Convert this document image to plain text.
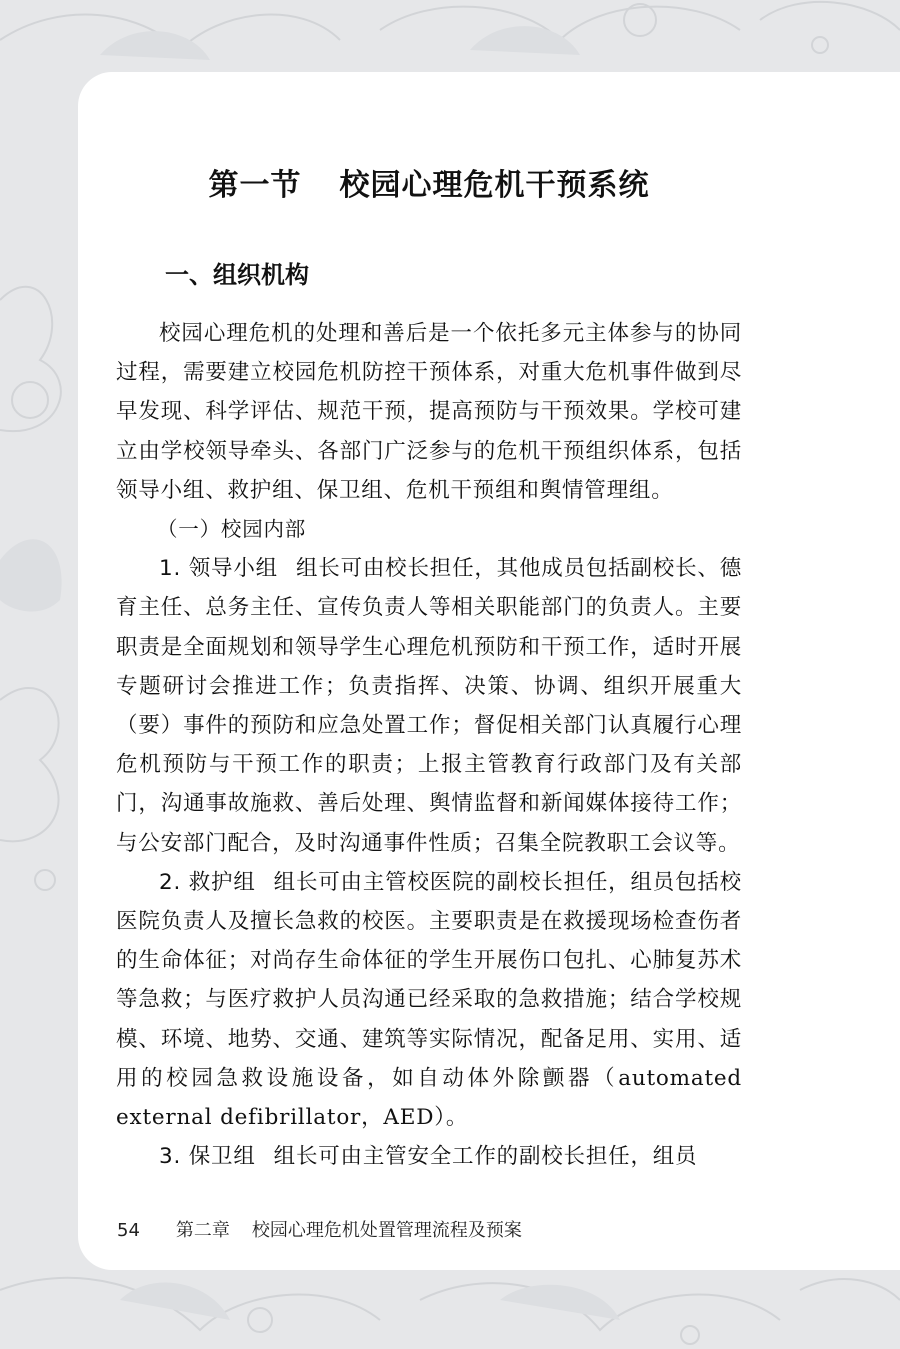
第一节 校园心理危机干预系统
一、组织机构

校园心理危机的处理和善后是一个依托多元主体参与的协同过程，需要建立校园危机防控干预体系，对重大危机事件做到尽早发现、科学评估、规范干预，提高预防与干预效果。学校可建立由学校领导牵头、各部门广泛参与的危机干预组织体系，包括领导小组、救护组、保卫组、危机干预组和舆情管理组。

（一）校园内部

1. 领导小组 组长可由校长担任，其他成员包括副校长、德育主任、总务主任、宣传负责人等相关职能部门的负责人。主要职责是全面规划和领导学生心理危机预防和干预工作，适时开展专题研讨会推进工作；负责指挥、决策、协调、组织开展重大（要）事件的预防和应急处置工作；督促相关部门认真履行心理危机预防与干预工作的职责；上报主管教育行政部门及有关部门，沟通事故施救、善后处理、舆情监督和新闻媒体接待工作；与公安部门配合，及时沟通事件性质；召集全院教职工会议等。

2. 救护组 组长可由主管校医院的副校长担任，组员包括校医院负责人及擅长急救的校医。主要职责是在救援现场检查伤者的生命体征；对尚存生命体征的学生开展伤口包扎、心肺复苏术等急救；与医疗救护人员沟通已经采取的急救措施；结合学校规模、环境、地势、交通、建筑等实际情况，配备足用、实用、适用的校园急救设施设备，如自动体外除颤器（automated external defibrillator，AED）。

3. 保卫组 组长可由主管安全工作的副校长担任，组员

54 第二章 校园心理危机处置管理流程及预案
